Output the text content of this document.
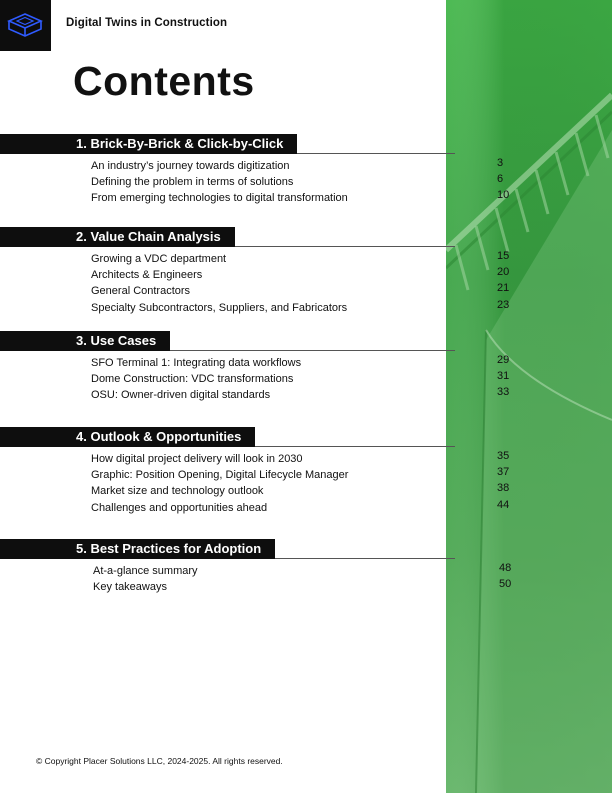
Digital Twins in Construction
Contents
1. Brick-By-Brick & Click-by-Click
An industry’s journey towards digitization	3
Defining the problem in terms of solutions	6
From emerging technologies to digital transformation	10
2. Value Chain Analysis
Growing a VDC department	15
Architects & Engineers	20
General Contractors	21
Specialty Subcontractors, Suppliers, and Fabricators	23
3. Use Cases
SFO Terminal 1: Integrating data workflows	29
Dome Construction: VDC transformations	31
OSU: Owner-driven digital standards	33
4. Outlook & Opportunities
How digital project delivery will look in 2030	35
Graphic: Position Opening, Digital Lifecycle Manager	37
Market size and technology outlook	38
Challenges and opportunities ahead	44
5. Best Practices for Adoption
At-a-glance summary	48
Key takeaways	50
© Copyright Placer Solutions LLC, 2024-2025. All rights reserved.
